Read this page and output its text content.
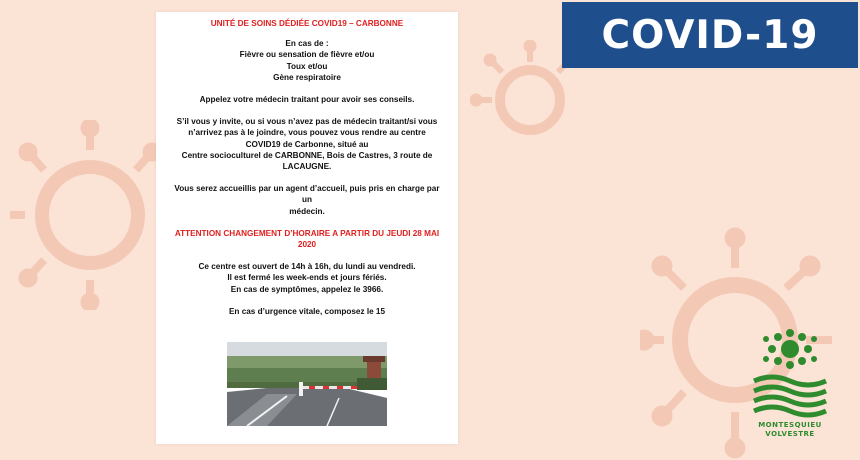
COVID-19

UNITÉ DE SOINS DÉDIÉE COVID19 – CARBONNE

En cas de :

Fièvre ou sensation de fièvre et/ou

Toux et/ou

Gène respiratoire

Appelez votre médecin traitant pour avoir ses conseils.

S’il vous y invite, ou si vous n’avez pas de médecin traitant/si vous

n’arrivez pas à le joindre, vous pouvez vous rendre au centre

COVID19 de Carbonne, situé au

Centre socioculturel de CARBONNE, Bois de Castres, 3 route de

LACAUGNE.

Vous serez accueillis par un agent d’accueil, puis pris en charge par un

médecin.

ATTENTION CHANGEMENT D’HORAIRE A PARTIR DU JEUDI 28 MAI

2020

Ce centre est ouvert de 14h à 16h, du lundi au vendredi.

Il est fermé les week-ends et jours fériés.

En cas de symptômes, appelez le 3966.

En cas d’urgence vitale, composez le 15

MONTESQUIEU
VOLVESTRE
